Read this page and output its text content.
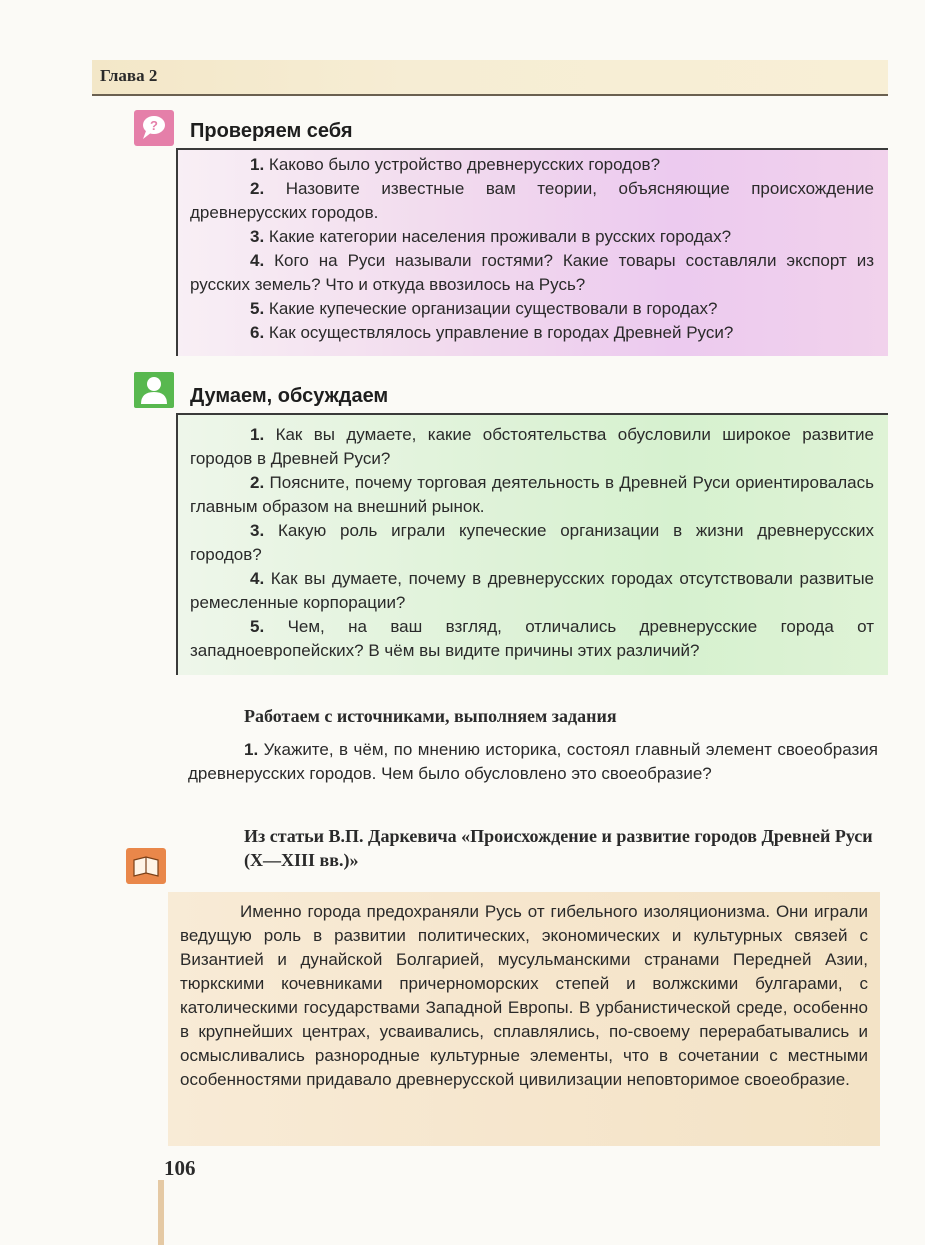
Глава 2
? Проверяем себя

1. Каково было устройство древнерусских городов?

2. Назовите известные вам теории, объясняющие происхождение древнерусских городов.

3. Какие категории населения проживали в русских городах?

4. Кого на Руси называли гостями? Какие товары составляли экспорт из русских земель? Что и откуда ввозилось на Русь?

5. Какие купеческие организации существовали в городах?

6. Как осуществлялось управление в городах Древней Руси?

Думаем, обсуждаем

1. Как вы думаете, какие обстоятельства обусловили широкое развитие городов в Древней Руси?

2. Поясните, почему торговая деятельность в Древней Руси ориентировалась главным образом на внешний рынок.

3. Какую роль играли купеческие организации в жизни древнерусских городов?

4. Как вы думаете, почему в древнерусских городах отсутствовали развитые ремесленные корпорации?

5. Чем, на ваш взгляд, отличались древнерусские города от западноевропейских? В чём вы видите причины этих различий?

Работаем с источниками, выполняем задания

1. Укажите, в чём, по мнению историка, состоял главный элемент своеобразия древнерусских городов. Чем было обусловлено это своеобразие?

Из статьи В.П. Даркевича «Происхождение и развитие городов Древней Руси (X—XIII вв.)»

Именно города предохраняли Русь от гибельного изоляционизма. Они играли ведущую роль в развитии политических, экономических и культурных связей с Византией и дунайской Болгарией, мусульманскими странами Передней Азии, тюркскими кочевниками причерноморских степей и волжскими булгарами, с католическими государствами Западной Европы. В урбанистической среде, особенно в крупнейших центрах, усваивались, сплавлялись, по-своему перерабатывались и осмысливались разнородные культурные элементы, что в сочетании с местными особенностями придавало древнерусской цивилизации неповторимое своеобразие.

106
